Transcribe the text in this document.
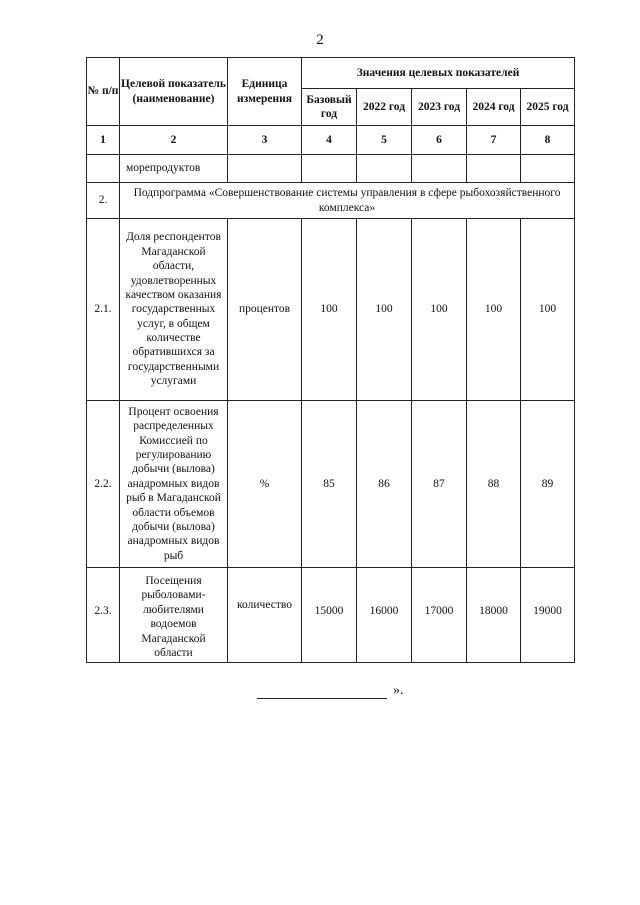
2
№ п/п	Целевой показатель (наименование)	Единица измерения	Значения целевых показателей				
			Базовый год	2022 год	2023 год	2024 год	2025 год
1	2	3	4	5	6	7	8
	морепродуктов						
2.	Подпрограмма «Совершенствование системы управления в сфере рыбохозяйственного комплекса»						
2.1.	Доля респондентов Магаданской области, удовлетворенных качеством оказания государственных услуг, в общем количестве обратившихся за государственными услугами	процентов	100	100	100	100	100
2.2.	Процент освоения распределенных Комиссией по регулированию добычи (вылова) анадромных видов рыб в Магаданской области объемов добычи (вылова) анадромных видов рыб	%	85	86	87	88	89
2.3.	Посещения рыболовами-любителями водоемов Магаданской области	количество	15000	16000	17000	18000	19000
».
